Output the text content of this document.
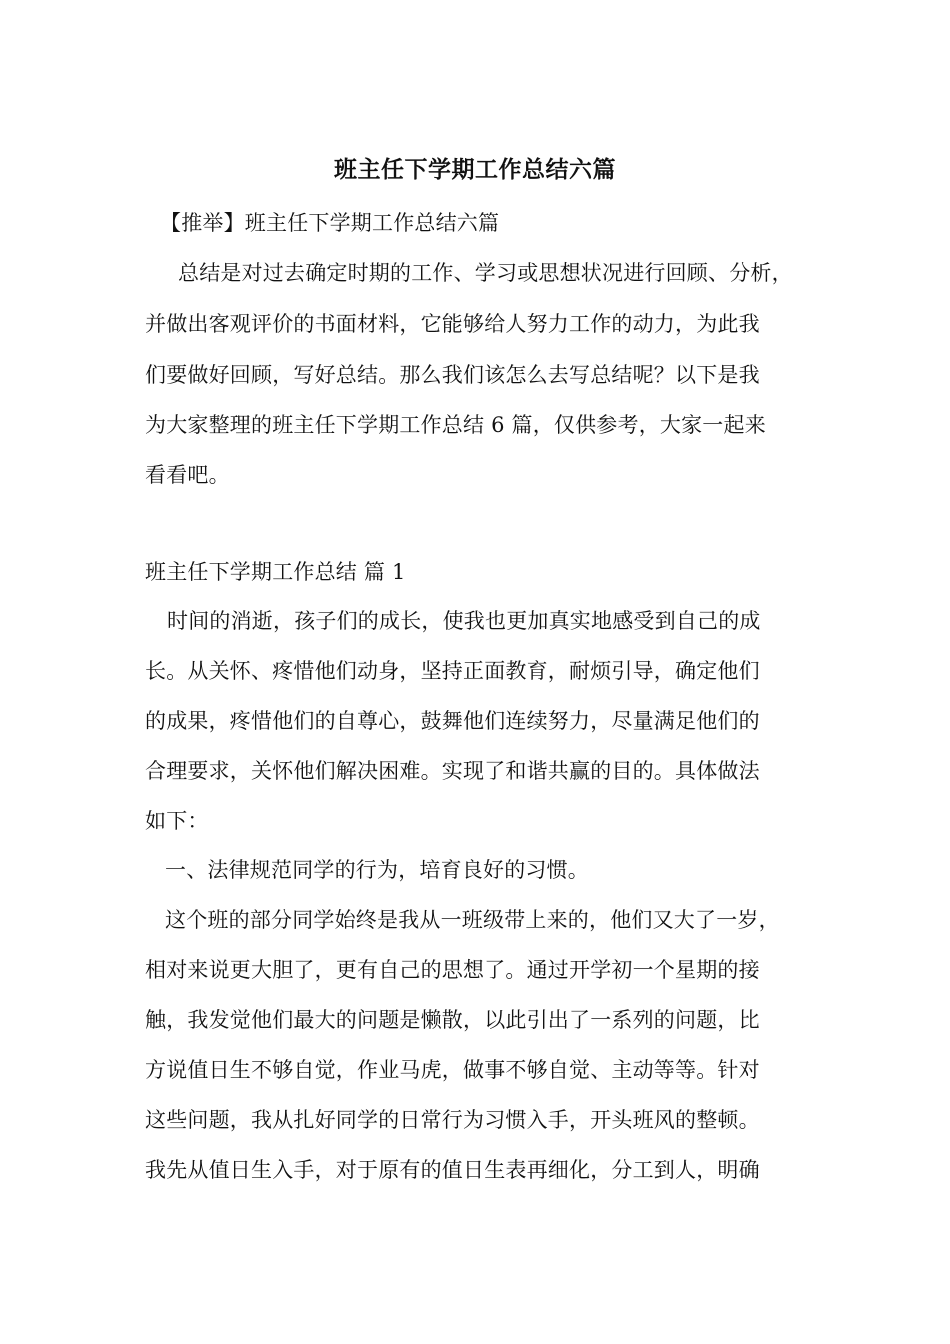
班主任下学期工作总结六篇
【推举】班主任下学期工作总结六篇
总结是对过去确定时期的工作、学习或思想状况进行回顾、分析，
并做出客观评价的书面材料，它能够给人努力工作的动力，为此我
们要做好回顾，写好总结。那么我们该怎么去写总结呢？以下是我
为大家整理的班主任下学期工作总结 6 篇，仅供参考，大家一起来
看看吧。
班主任下学期工作总结 篇 1
时间的消逝，孩子们的成长，使我也更加真实地感受到自己的成
长。从关怀、疼惜他们动身，坚持正面教育，耐烦引导，确定他们
的成果，疼惜他们的自尊心，鼓舞他们连续努力，尽量满足他们的
合理要求，关怀他们解决困难。实现了和谐共赢的目的。具体做法
如下：
一、法律规范同学的行为，培育良好的习惯。
这个班的部分同学始终是我从一班级带上来的，他们又大了一岁，
相对来说更大胆了，更有自己的思想了。通过开学初一个星期的接
触，我发觉他们最大的问题是懒散，以此引出了一系列的问题，比
方说值日生不够自觉，作业马虎，做事不够自觉、主动等等。针对
这些问题，我从扎好同学的日常行为习惯入手，开头班风的整顿。
我先从值日生入手，对于原有的值日生表再细化，分工到人，明确
